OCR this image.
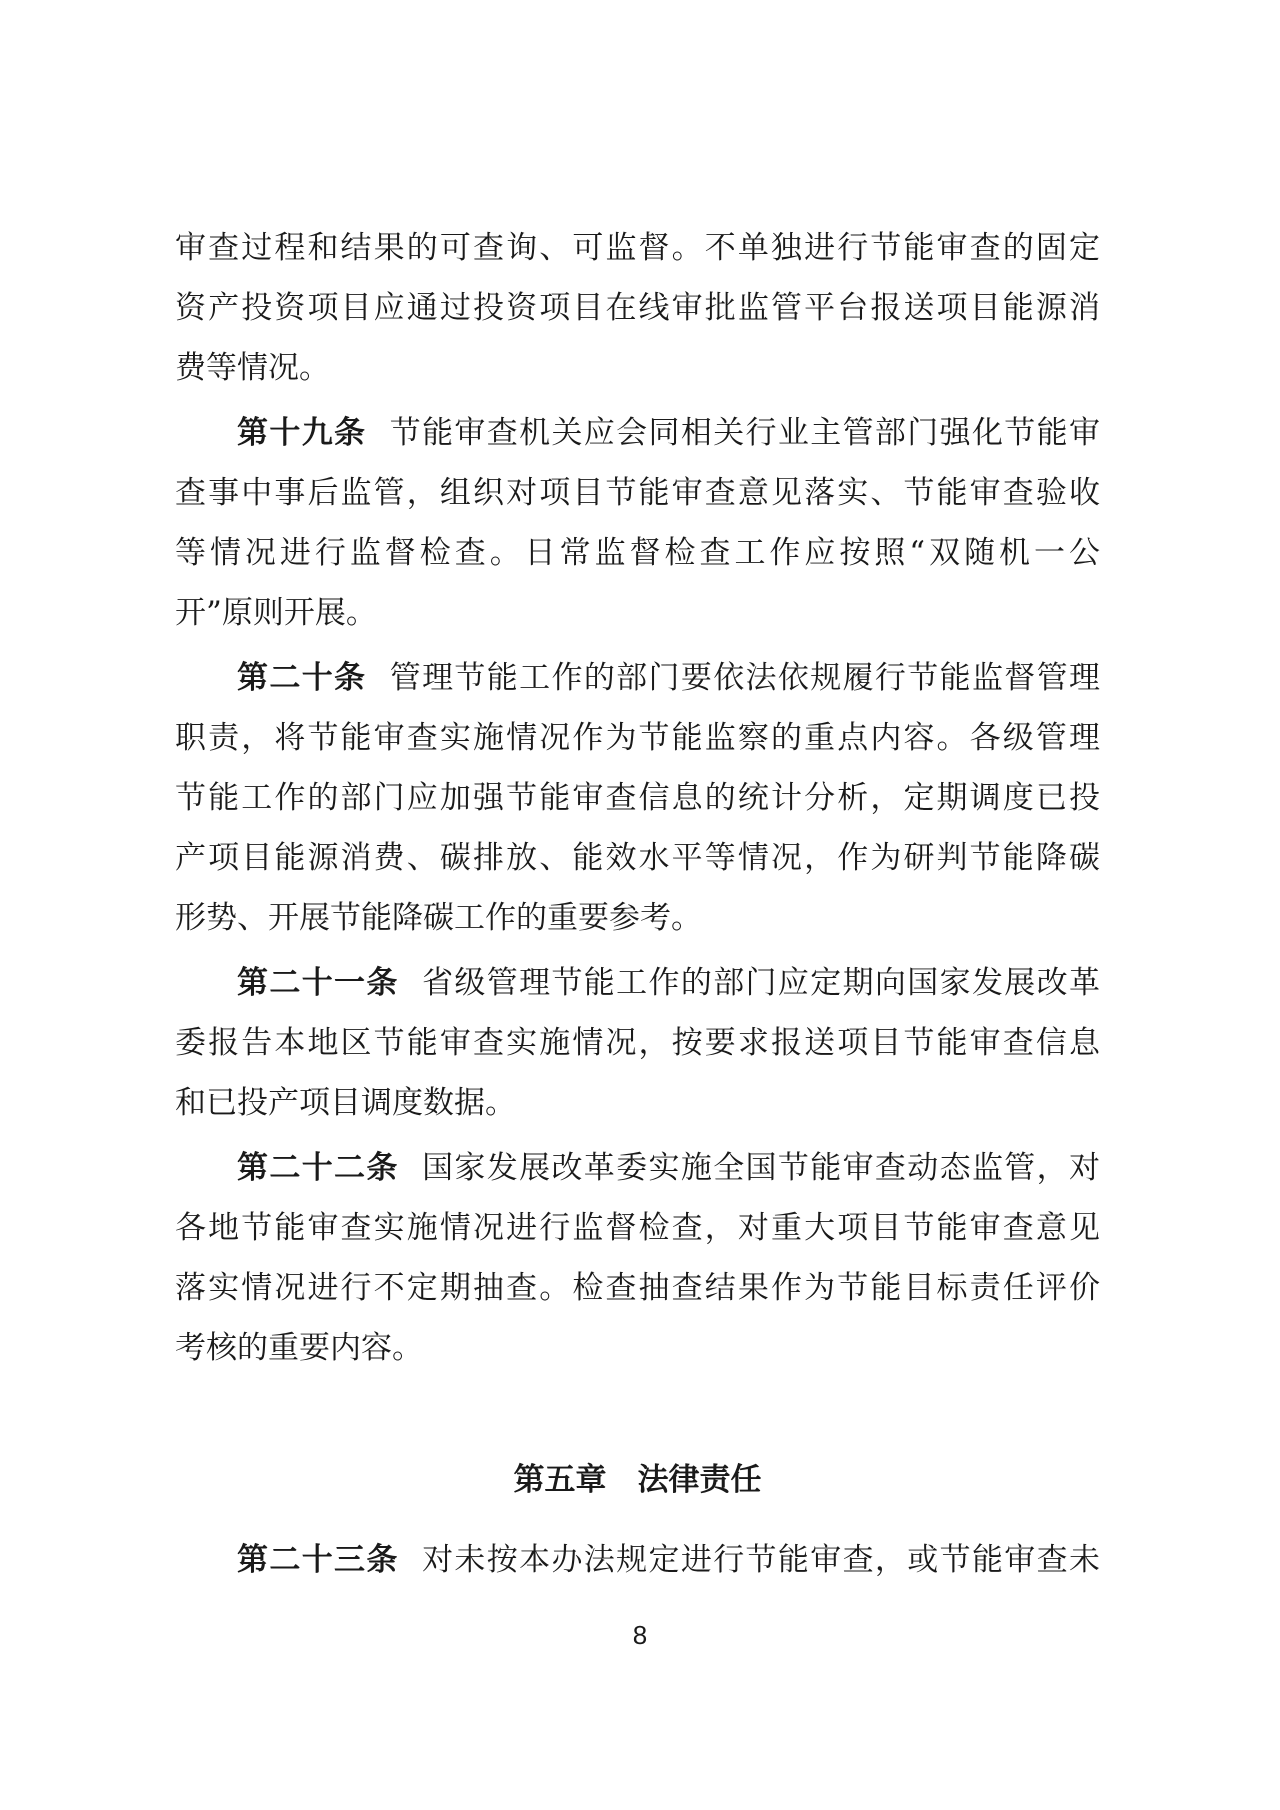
审查过程和结果的可查询、可监督。不单独进行节能审查的固定
资产投资项目应通过投资项目在线审批监管平台报送项目能源消
费等情况。
第十九条 节能审查机关应会同相关行业主管部门强化节能审
查事中事后监管，组织对项目节能审查意见落实、节能审查验收
等情况进行监督检查。日常监督检查工作应按照“双随机一公
开”原则开展。
第二十条 管理节能工作的部门要依法依规履行节能监督管理
职责，将节能审查实施情况作为节能监察的重点内容。各级管理
节能工作的部门应加强节能审查信息的统计分析，定期调度已投
产项目能源消费、碳排放、能效水平等情况，作为研判节能降碳
形势、开展节能降碳工作的重要参考。
第二十一条 省级管理节能工作的部门应定期向国家发展改革
委报告本地区节能审查实施情况，按要求报送项目节能审查信息
和已投产项目调度数据。
第二十二条 国家发展改革委实施全国节能审查动态监管，对
各地节能审查实施情况进行监督检查，对重大项目节能审查意见
落实情况进行不定期抽查。检查抽查结果作为节能目标责任评价
考核的重要内容。
第五章　法律责任
第二十三条 对未按本办法规定进行节能审查，或节能审查未
8
